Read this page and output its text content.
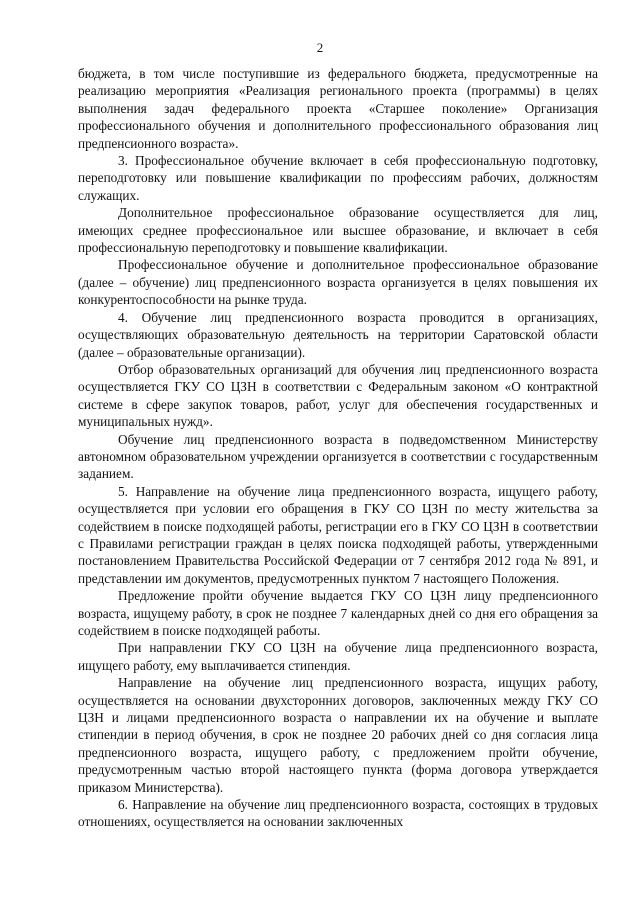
2

бюджета, в том числе поступившие из федерального бюджета, предусмотренные на реализацию мероприятия «Реализация регионального проекта (программы) в целях выполнения задач федерального проекта «Старшее поколение» Организация профессионального обучения и дополнительного профессионального образования лиц предпенсионного возраста».

3. Профессиональное обучение включает в себя профессиональную подготовку, переподготовку или повышение квалификации по профессиям рабочих, должностям служащих.

Дополнительное профессиональное образование осуществляется для лиц, имеющих среднее профессиональное или высшее образование, и включает в себя профессиональную переподготовку и повышение квалификации.

Профессиональное обучение и дополнительное профессиональное образование (далее – обучение) лиц предпенсионного возраста организуется в целях повышения их конкурентоспособности на рынке труда.

4. Обучение лиц предпенсионного возраста проводится в организациях, осуществляющих образовательную деятельность на территории Саратовской области (далее – образовательные организации).

Отбор образовательных организаций для обучения лиц предпенсионного возраста осуществляется ГКУ СО ЦЗН в соответствии с Федеральным законом «О контрактной системе в сфере закупок товаров, работ, услуг для обеспечения государственных и муниципальных нужд».

Обучение лиц предпенсионного возраста в подведомственном Министерству автономном образовательном учреждении организуется в соответствии с государственным заданием.

5. Направление на обучение лица предпенсионного возраста, ищущего работу, осуществляется при условии его обращения в ГКУ СО ЦЗН по месту жительства за содействием в поиске подходящей работы, регистрации его в ГКУ СО ЦЗН в соответствии с Правилами регистрации граждан в целях поиска подходящей работы, утвержденными постановлением Правительства Российской Федерации от 7 сентября 2012 года № 891, и представлении им документов, предусмотренных пунктом 7 настоящего Положения.

Предложение пройти обучение выдается ГКУ СО ЦЗН лицу предпенсионного возраста, ищущему работу, в срок не позднее 7 календарных дней со дня его обращения за содействием в поиске подходящей работы.

При направлении ГКУ СО ЦЗН на обучение лица предпенсионного возраста, ищущего работу, ему выплачивается стипендия.

Направление на обучение лиц предпенсионного возраста, ищущих работу, осуществляется на основании двухсторонних договоров, заключенных между ГКУ СО ЦЗН и лицами предпенсионного возраста о направлении их на обучение и выплате стипендии в период обучения, в срок не позднее 20 рабочих дней со дня согласия лица предпенсионного возраста, ищущего работу, с предложением пройти обучение, предусмотренным частью второй настоящего пункта (форма договора утверждается приказом Министерства).

6. Направление на обучение лиц предпенсионного возраста, состоящих в трудовых отношениях, осуществляется на основании заключенных
